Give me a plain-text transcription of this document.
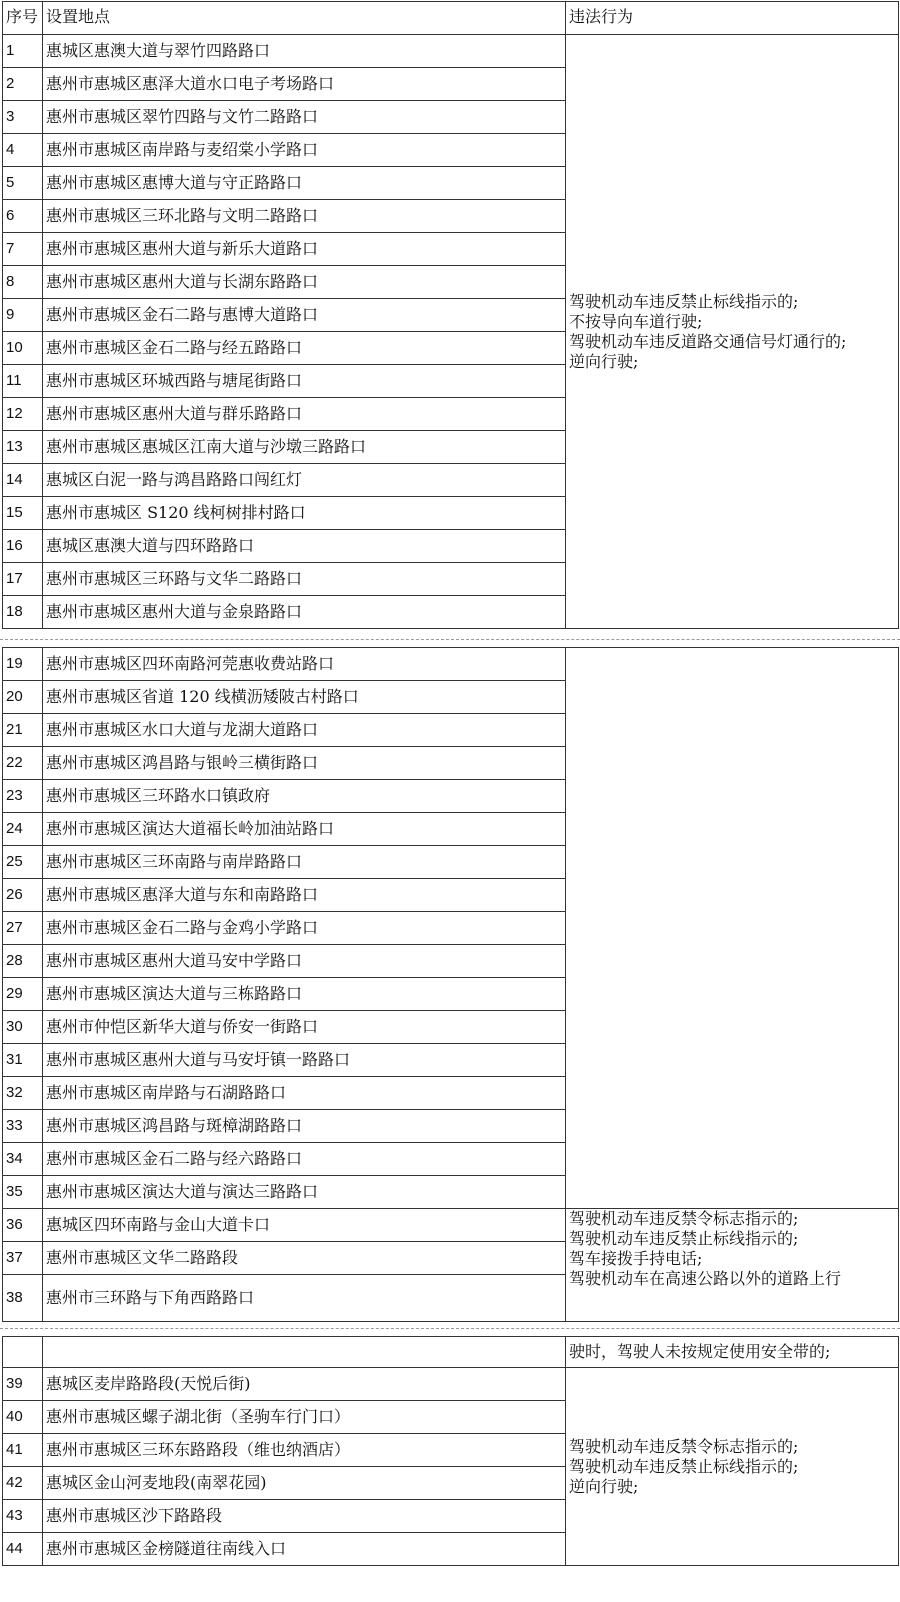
序号	设置地点	违法行为
1	惠城区惠澳大道与翠竹四路路口	驾驶机动车违反禁止标线指示的;
不按导向车道行驶;
驾驶机动车违反道路交通信号灯通行的;
逆向行驶;

2	惠州市惠城区惠泽大道水口电子考场路口	
3	惠州市惠城区翠竹四路与文竹二路路口	
4	惠州市惠城区南岸路与麦绍棠小学路口	
5	惠州市惠城区惠博大道与守正路路口	
6	惠州市惠城区三环北路与文明二路路口	
7	惠州市惠城区惠州大道与新乐大道路口	
8	惠州市惠城区惠州大道与长湖东路路口	
9	惠州市惠城区金石二路与惠博大道路口	
10	惠州市惠城区金石二路与经五路路口	
11	惠州市惠城区环城西路与塘尾街路口	
12	惠州市惠城区惠州大道与群乐路路口	
13	惠州市惠城区惠城区江南大道与沙墩三路路口	
14	惠城区白泥一路与鸿昌路路口闯红灯	
15	惠州市惠城区 S120 线柯树排村路口	
16	惠城区惠澳大道与四环路路口	
17	惠州市惠城区三环路与文华二路路口	
18	惠州市惠城区惠州大道与金泉路路口	
19	惠州市惠城区四环南路河莞惠收费站路口	
20	惠州市惠城区省道 120 线横沥矮陂古村路口	
21	惠州市惠城区水口大道与龙湖大道路口	
22	惠州市惠城区鸿昌路与银岭三横街路口	
23	惠州市惠城区三环路水口镇政府	
24	惠州市惠城区演达大道福长岭加油站路口	
25	惠州市惠城区三环南路与南岸路路口	
26	惠州市惠城区惠泽大道与东和南路路口	
27	惠州市惠城区金石二路与金鸡小学路口	
28	惠州市惠城区惠州大道马安中学路口	
29	惠州市惠城区演达大道与三栋路路口	
30	惠州市仲恺区新华大道与侨安一街路口	
31	惠州市惠城区惠州大道与马安圩镇一路路口	
32	惠州市惠城区南岸路与石湖路路口	
33	惠州市惠城区鸿昌路与斑樟湖路路口	
34	惠州市惠城区金石二路与经六路路口	
35	惠州市惠城区演达大道与演达三路路口	
36	惠城区四环南路与金山大道卡口	驾驶机动车违反禁令标志指示的;
驾驶机动车违反禁止标线指示的;
驾车接拨手持电话;
驾驶机动车在高速公路以外的道路上行

37	惠州市惠城区文华二路路段	
38	惠州市三环路与下角西路路口	
		驶时，驾驶人未按规定使用安全带的;
39	惠城区麦岸路路段(天悦后街)	驾驶机动车违反禁令标志指示的;
驾驶机动车违反禁止标线指示的;
逆向行驶;

40	惠州市惠城区螺子湖北街（圣驹车行门口）	
41	惠州市惠城区三环东路路段（维也纳酒店）	
42	惠城区金山河麦地段(南翠花园)	
43	惠州市惠城区沙下路路段	
44	惠州市惠城区金榜隧道往南线入口	
